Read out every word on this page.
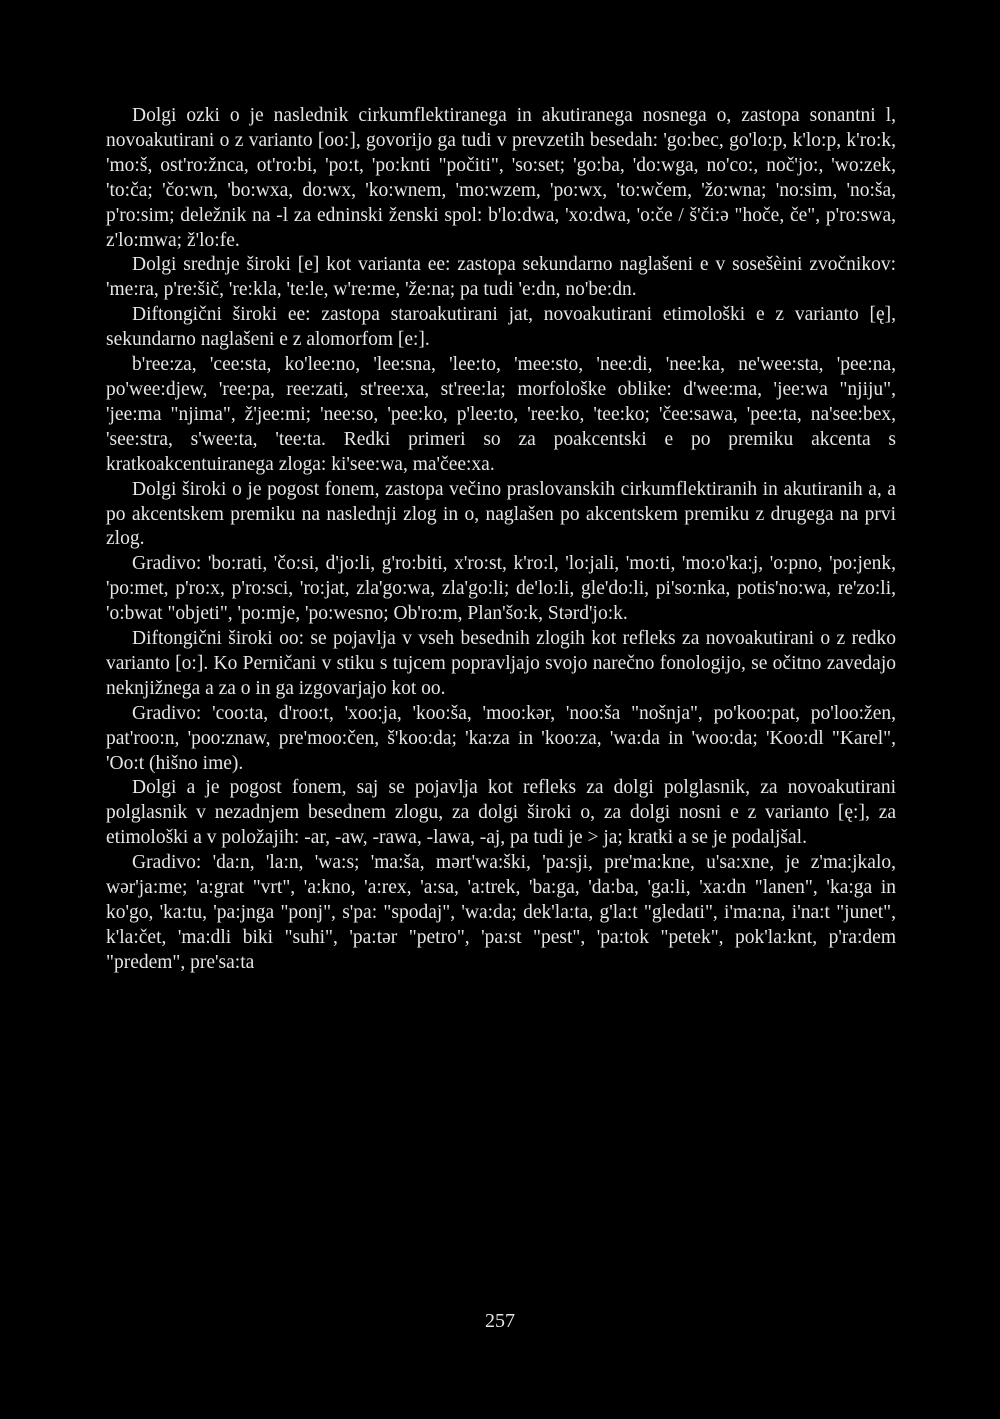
Dolgi ozki o je naslednik cirkumflektiranega in akutiranega nosnega o, zastopa sonantni l, novoakutirani o z varianto [oo:], govorijo ga tudi v prevzetih besedah: 'go:bec, go'lo:p, k'lo:p, k'ro:k, 'mo:š, ost'ro:žnca, ot'ro:bi, 'po:t, 'po:knti "počiti", 'so:set; 'go:ba, 'do:wga, no'co:, noč'jo:, 'wo:zek, 'to:ča; 'čo:wn, 'bo:wxa, do:wx, 'ko:wnem, 'mo:wzem, 'po:wx, 'to:wčem, 'žo:wna; 'no:sim, 'no:ša, p'ro:sim; deležnik na -l za edninski ženski spol: b'lo:dwa, 'xo:dwa, 'o:če / š'či:ə "hoče, če", p'ro:swa, z'lo:mwa; ž'lo:fe.

Dolgi srednje široki [e] kot varianta ee: zastopa sekundarno naglašeni e v sosešèini zvočnikov: 'me:ra, p're:šič, 're:kla, 'te:le, w're:me, 'že:na; pa tudi 'e:dn, no'be:dn.

Diftongični široki ee: zastopa staroakutirani jat, novoakutirani etimološki e z varianto [ę], sekundarno naglašeni e z alomorfom [e:].

b'ree:za, 'cee:sta, ko'lee:no, 'lee:sna, 'lee:to, 'mee:sto, 'nee:di, 'nee:ka, ne'wee:sta, 'pee:na, po'wee:djew, 'ree:pa, ree:zati, st'ree:xa, st'ree:la; morfološke oblike: d'wee:ma, 'jee:wa "njiju", 'jee:ma "njima", ž'jee:mi; 'nee:so, 'pee:ko, p'lee:to, 'ree:ko, 'tee:ko; 'čee:sawa, 'pee:ta, na'see:bex, 'see:stra, s'wee:ta, 'tee:ta. Redki primeri so za poakcentski e po premiku akcenta s kratkoakcentuiranega zloga: ki'see:wa, ma'čee:xa.

Dolgi široki o je pogost fonem, zastopa večino praslovanskih cirkumflektiranih in akutiranih a, a po akcentskem premiku na naslednji zlog in o, naglašen po akcentskem premiku z drugega na prvi zlog.

Gradivo: 'bo:rati, 'čo:si, d'jo:li, g'ro:biti, x'ro:st, k'ro:l, 'lo:jali, 'mo:ti, 'mo:o'ka:j, 'o:pno, 'po:jenk, 'po:met, p'ro:x, p'ro:sci, 'ro:jat, zla'go:wa, zla'go:li; de'lo:li, gle'do:li, pi'so:nka, potis'no:wa, re'zo:li, 'o:bwat "objeti", 'po:mje, 'po:wesno; Ob'ro:m, Plan'šo:k, Stərd'jo:k.

Diftongični široki oo: se pojavlja v vseh besednih zlogih kot refleks za novoakutirani o z redko varianto [o:]. Ko Perničani v stiku s tujcem popravljajo svojo narečno fonologijo, se očitno zavedajo neknjižnega a za o in ga izgovarjajo kot oo.

Gradivo: 'coo:ta, d'roo:t, 'xoo:ja, 'koo:ša, 'moo:kər, 'noo:ša "nošnja", po'koo:pat, po'loo:žen, pat'roo:n, 'poo:znaw, pre'moo:čen, š'koo:da; 'ka:za in 'koo:za, 'wa:da in 'woo:da; 'Koo:dl "Karel", 'Oo:t (hišno ime).

Dolgi a je pogost fonem, saj se pojavlja kot refleks za dolgi polglasnik, za novoakutirani polglasnik v nezadnjem besednem zlogu, za dolgi široki o, za dolgi nosni e z varianto [ę:], za etimološki a v položajih: -ar, -aw, -rawa, -lawa, -aj, pa tudi je > ja; kratki a se je podaljšal.

Gradivo: 'da:n, 'la:n, 'wa:s; 'ma:ša, mərt'wa:ški, 'pa:sji, pre'ma:kne, u'sa:xne, je z'ma:jkalo, wər'ja:me; 'a:grat "vrt", 'a:kno, 'a:rex, 'a:sa, 'a:trek, 'ba:ga, 'da:ba, 'ga:li, 'xa:dn "lanen", 'ka:ga in ko'go, 'ka:tu, 'pa:jnga "ponj", s'pa: "spodaj", 'wa:da; dek'la:ta, g'la:t "gledati", i'ma:na, i'na:t "junet", k'la:čet, 'ma:dli biki "suhi", 'pa:tər "petro", 'pa:st "pest", 'pa:tok "petek", pok'la:knt, p'ra:dem "predem", pre'sa:ta

257
